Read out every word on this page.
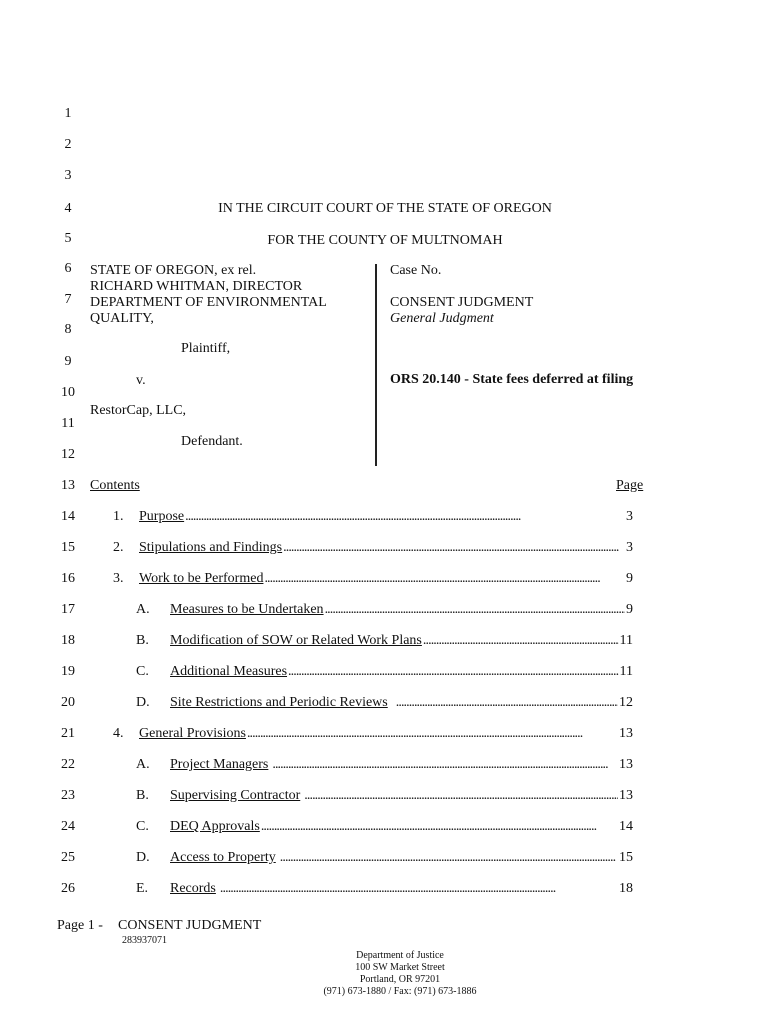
1
2
3
4
5
6
7
8
9
10
11
12
13
14
15
16
17
18
19
20
21
22
23
24
25
26
IN THE CIRCUIT COURT OF THE STATE OF OREGON
FOR THE COUNTY OF MULTNOMAH
STATE OF OREGON, ex rel.
RICHARD WHITMAN, DIRECTOR
DEPARTMENT OF ENVIRONMENTAL
QUALITY,
Plaintiff,
v.
RestorCap, LLC,
Defendant.
Case No.
CONSENT JUDGMENT
General Judgment
ORS 20.140 - State fees deferred at filing
Contents	Page
1.	Purpose . . .	3
2.	Stipulations and Findings . . .	3
3.	Work to be Performed . . .	9
A.	Measures to be Undertaken . . .	9
B.	Modification of SOW or Related Work Plans . . .	11
C.	Additional Measures . . .	11
D.	Site Restrictions and Periodic Reviews . . .	12
4.	General Provisions . . .	13
A.	Project Managers . . .	13
B.	Supervising Contractor . . .	13
C.	DEQ Approvals . . .	14
D.	Access to Property . . .	15
E.	Records . . .	18
Page 1 - CONSENT JUDGMENT
283937071
Department of Justice
100 SW Market Street
Portland, OR 97201
(971) 673-1880 / Fax: (971) 673-1886
